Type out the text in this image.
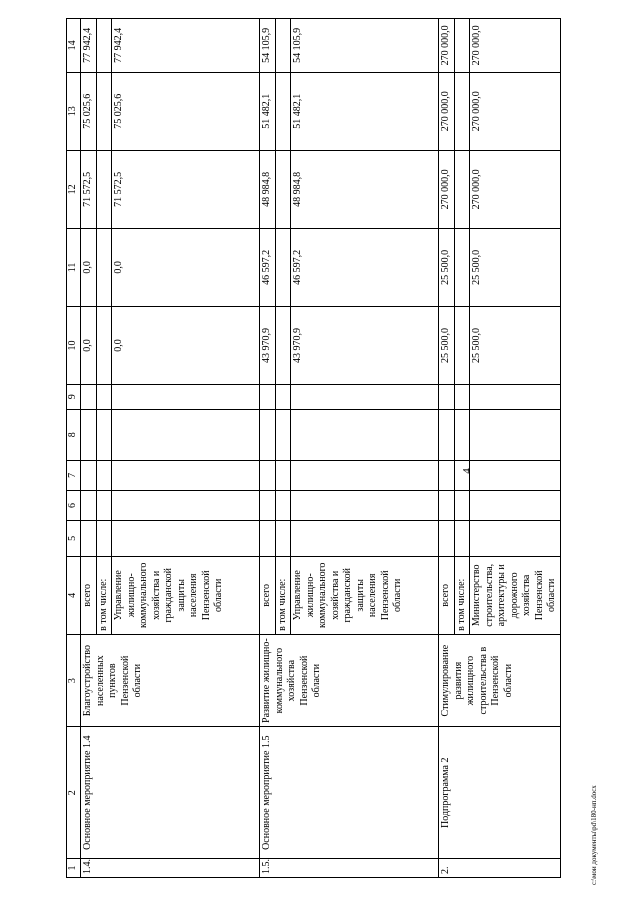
4
1	2	3	4	5	6	7	8	9	10	11	12	13	14
1.4.	Основное мероприятие 1.4	Благоустройство населенных пунктов Пензенской области	всего						0,0	0,0	71 572,5	75 025,6	77 942,4
			в том числе:										
			Управление жилищно-коммунального хозяйства и гражданской защиты населения Пензенской области						0,0	0,0	71 572,5	75 025,6	77 942,4
1.5.	Основное мероприятие 1.5	Развитие жилищно-коммунального хозяйства Пензенской области	всего						43 970,9	46 597,2	48 984,8	51 482,1	54 105,9
			в том числе:										
			Управление жилищно-коммунального хозяйства и гражданской защиты населения Пензенской области						43 970,9	46 597,2	48 984,8	51 482,1	54 105,9
2.	Подпрограмма 2	Стимулирование развития жилищного строительства в Пензенской области	всего						25 500,0	25 500,0	270 000,0	270 000,0	270 000,0
			в том числе:										
			Министерство строительства, архитектуры и дорожного хозяйства Пензенской области						25 500,0	25 500,0	270 000,0	270 000,0	270 000,0
c:\мои документы\pd\180-нп.docx
